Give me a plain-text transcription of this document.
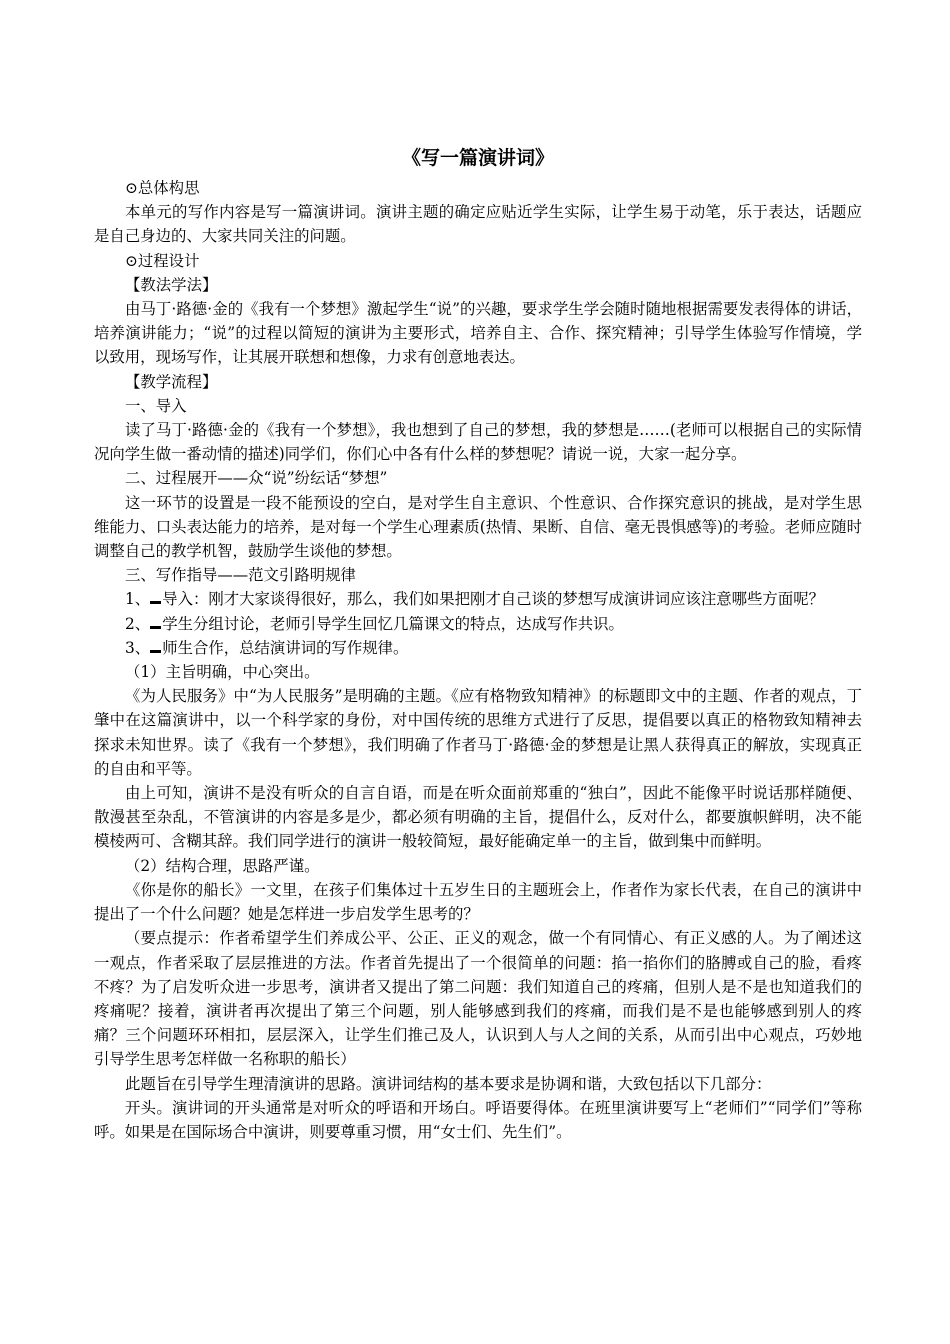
《写一篇演讲词》

⊙总体构思

本单元的写作内容是写一篇演讲词。演讲主题的确定应贴近学生实际，让学生易于动笔，乐于表达，话题应是自己身边的、大家共同关注的问题。

⊙过程设计

【教法学法】

由马丁·路德·金的《我有一个梦想》激起学生“说”的兴趣，要求学生学会随时随地根据需要发表得体的讲话，培养演讲能力；“说”的过程以简短的演讲为主要形式，培养自主、合作、探究精神；引导学生体验写作情境，学以致用，现场写作，让其展开联想和想像，力求有创意地表达。

【教学流程】

一、导入

读了马丁·路德·金的《我有一个梦想》，我也想到了自己的梦想，我的梦想是……(老师可以根据自己的实际情况向学生做一番动情的描述)同学们，你们心中各有什么样的梦想呢？请说一说，大家一起分享。

二、过程展开——众“说”纷纭话“梦想”

这一环节的设置是一段不能预设的空白，是对学生自主意识、个性意识、合作探究意识的挑战，是对学生思维能力、口头表达能力的培养，是对每一个学生心理素质(热情、果断、自信、毫无畏惧感等)的考验。老师应随时调整自己的教学机智，鼓励学生谈他的梦想。

三、写作指导——范文引路明规律

1、 导入：刚才大家谈得很好，那么，我们如果把刚才自己谈的梦想写成演讲词应该注意哪些方面呢？

2、 学生分组讨论，老师引导学生回忆几篇课文的特点，达成写作共识。

3、 师生合作，总结演讲词的写作规律。

（1）主旨明确，中心突出。

《为人民服务》中“为人民服务”是明确的主题。《应有格物致知精神》的标题即文中的主题、作者的观点，丁肇中在这篇演讲中，以一个科学家的身份，对中国传统的思维方式进行了反思，提倡要以真正的格物致知精神去探求未知世界。读了《我有一个梦想》，我们明确了作者马丁·路德·金的梦想是让黑人获得真正的解放，实现真正的自由和平等。

由上可知，演讲不是没有听众的自言自语，而是在听众面前郑重的“独白”，因此不能像平时说话那样随便、散漫甚至杂乱，不管演讲的内容是多是少，都必须有明确的主旨，提倡什么，反对什么，都要旗帜鲜明，决不能模棱两可、含糊其辞。我们同学进行的演讲一般较简短，最好能确定单一的主旨，做到集中而鲜明。

（2）结构合理，思路严谨。

《你是你的船长》一文里，在孩子们集体过十五岁生日的主题班会上，作者作为家长代表，在自己的演讲中提出了一个什么问题？她是怎样进一步启发学生思考的？

（要点提示：作者希望学生们养成公平、公正、正义的观念，做一个有同情心、有正义感的人。为了阐述这一观点，作者采取了层层推进的方法。作者首先提出了一个很简单的问题：掐一掐你们的胳膊或自己的脸，看疼不疼？为了启发听众进一步思考，演讲者又提出了第二问题：我们知道自己的疼痛，但别人是不是也知道我们的疼痛呢？接着，演讲者再次提出了第三个问题，别人能够感到我们的疼痛，而我们是不是也能够感到别人的疼痛？三个问题环环相扣，层层深入，让学生们推己及人，认识到人与人之间的关系，从而引出中心观点，巧妙地引导学生思考怎样做一名称职的船长）

此题旨在引导学生理清演讲的思路。演讲词结构的基本要求是协调和谐，大致包括以下几部分：

开头。演讲词的开头通常是对听众的呼语和开场白。呼语要得体。在班里演讲要写上“老师们”“同学们”等称呼。如果是在国际场合中演讲，则要尊重习惯，用“女士们、先生们”。
